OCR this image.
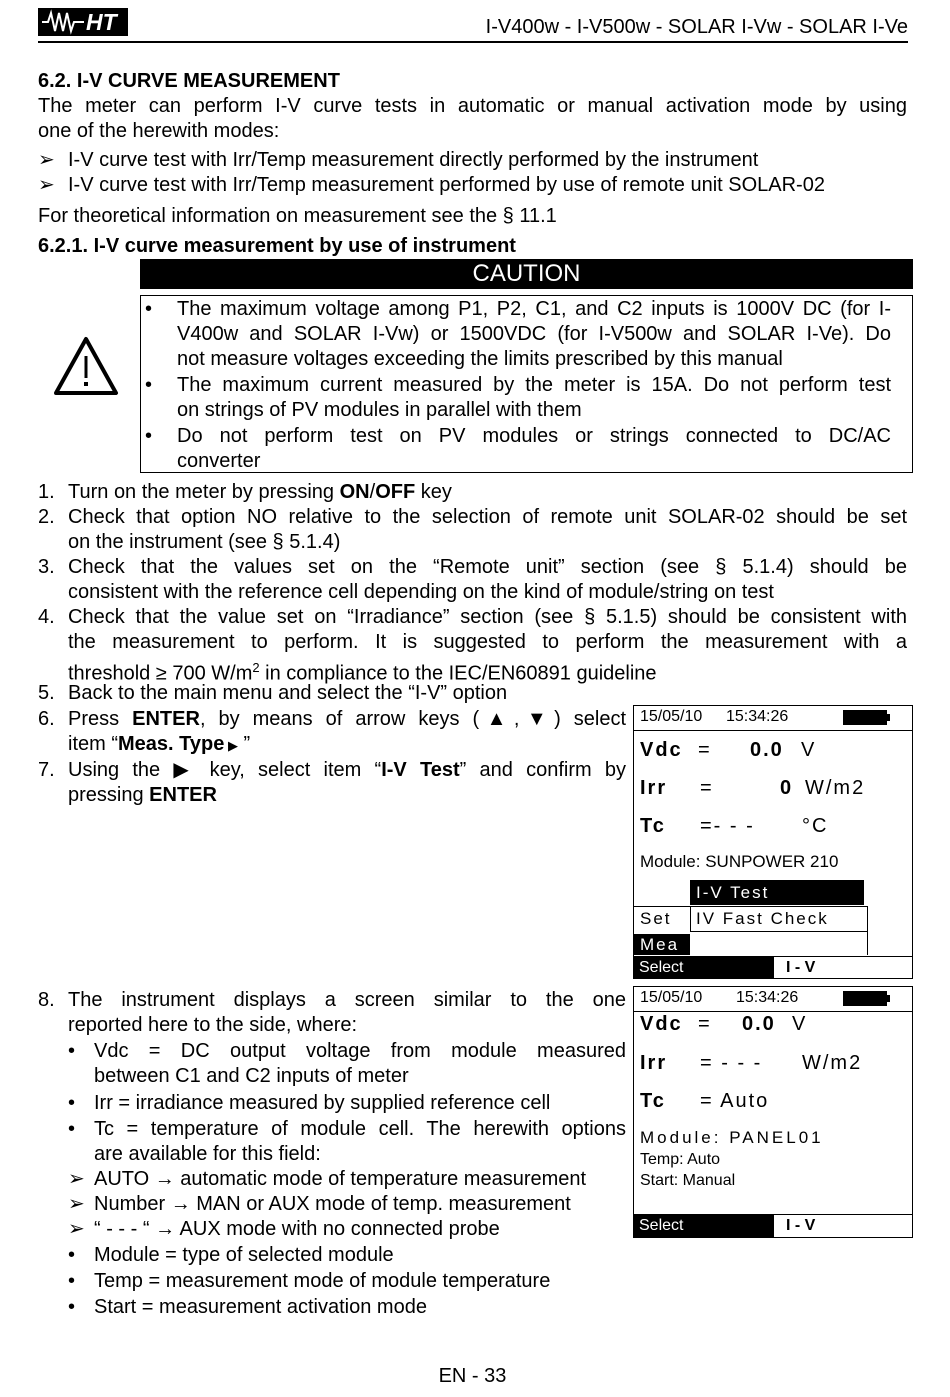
HT	I-V400w - I-V500w - SOLAR I-Vw - SOLAR I-Ve
6.2. I-V CURVE MEASUREMENT
The meter can perform I-V curve tests in automatic or manual activation mode by using
one of the herewith modes:
➢ I-V curve test with Irr/Temp measurement directly performed by the instrument
➢ I-V curve test with Irr/Temp measurement performed by use of remote unit SOLAR-02
For theoretical information on measurement see the § 11.1
6.2.1. I-V curve measurement by use of instrument
CAUTION
• The maximum voltage among P1, P2, C1, and C2 inputs is 1000V DC (for I-
V400w and SOLAR I-Vw) or 1500VDC (for I-V500w and SOLAR I-Ve). Do
not measure voltages exceeding the limits prescribed by this manual
• The maximum current measured by the meter is 15A. Do not perform test
on strings of PV modules in parallel with them
• Do not perform test on PV modules or strings connected to DC/AC
converter
1. Turn on the meter by pressing ON/OFF key
2. Check that option NO relative to the selection of remote unit SOLAR-02 should be set
on the instrument (see § 5.1.4)
3. Check that the values set on the “Remote unit” section (see § 5.1.4) should be
consistent with the reference cell depending on the kind of module/string on test
4. Check that the value set on “Irradiance” section (see § 5.1.5) should be consistent with
the measurement to perform. It is suggested to perform the measurement with a
threshold ≥ 700 $W/m^2$ in compliance to the IEC/EN60891 guideline
5. Back to the main menu and select the “I-V” option
6. Press ENTER, by means of arrow keys (▲,▼) select
item “Meas. Type ▶ ”
7. Using the ▶ key, select item “I-V Test” and confirm by
pressing ENTER
8. The instrument displays a screen similar to the one
reported here to the side, where:
• Vdc = DC output voltage from module measured
between C1 and C2 inputs of meter
• Irr = irradiance measured by supplied reference cell
• Tc = temperature of module cell. The herewith options
are available for this field:
➢ AUTO → automatic mode of temperature measurement
➢ Number → MAN or AUX mode of temp. measurement
➢ “ - - - “ → AUX mode with no connected probe
• Module = type of selected module
• Temp = measurement mode of module temperature
• Start = measurement activation mode
15/05/10 15:34:26
Vdc = 0.0 V
Irr =	0 W/m2
Tc =- - - °C
Module: SUNPOWER 210
I-V Test
Set IV Fast Check
Mea
Select	I - V
15/05/10 15:34:26
Vdc = 0.0 V
Irr = - - - W/m2
Tc = Auto
Module: PANEL01
Temp: Auto
Start: Manual
Select	I - V
EN - 33
